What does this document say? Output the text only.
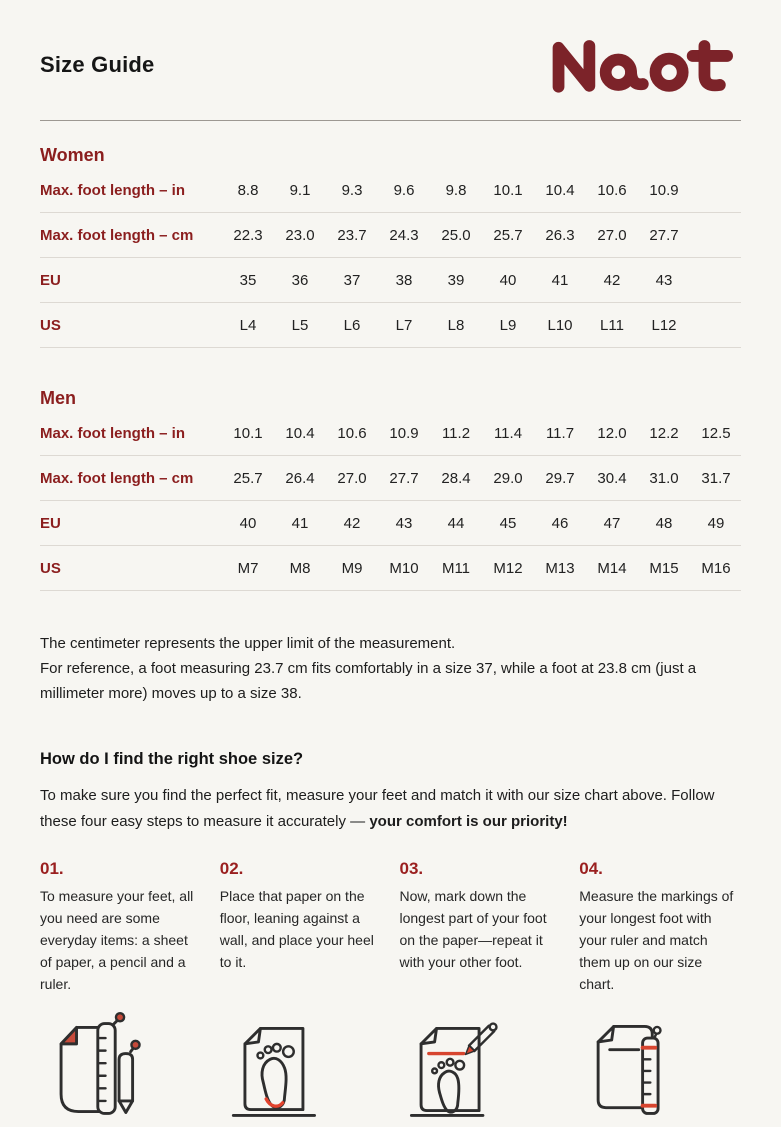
Size Guide
Women
Max. foot length – in	8.8	9.1	9.3	9.6	9.8	10.1	10.4	10.6	10.9
Max. foot length – cm	22.3	23.0	23.7	24.3	25.0	25.7	26.3	27.0	27.7
EU	35	36	37	38	39	40	41	42	43
US	L4	L5	L6	L7	L8	L9	L10	L11	L12
Men
Max. foot length – in	10.1	10.4	10.6	10.9	11.2	11.4	11.7	12.0	12.2	12.5
Max. foot length – cm	25.7	26.4	27.0	27.7	28.4	29.0	29.7	30.4	31.0	31.7
EU	40	41	42	43	44	45	46	47	48	49
US	M7	M8	M9	M10	M11	M12	M13	M14	M15	M16

The centimeter represents the upper limit of the measurement.
For reference, a foot measuring 23.7 cm fits comfortably in a size 37, while a foot at 23.8 cm (just a millimeter more) moves up to a size 38.

How do I find the right shoe size?

To make sure you find the perfect fit, measure your feet and match it with our size chart above. Follow these four easy steps to measure it accurately — your comfort is our priority!

01.
To measure your feet, all you need are some everyday items: a sheet of paper, a pencil and a ruler.
02.
Place that paper on the floor, leaning against a wall, and place your heel to it.
03.
Now, mark down the longest part of your foot on the paper—repeat it with your other foot.
04.
Measure the markings of your longest foot with your ruler and match them up on our size chart.
